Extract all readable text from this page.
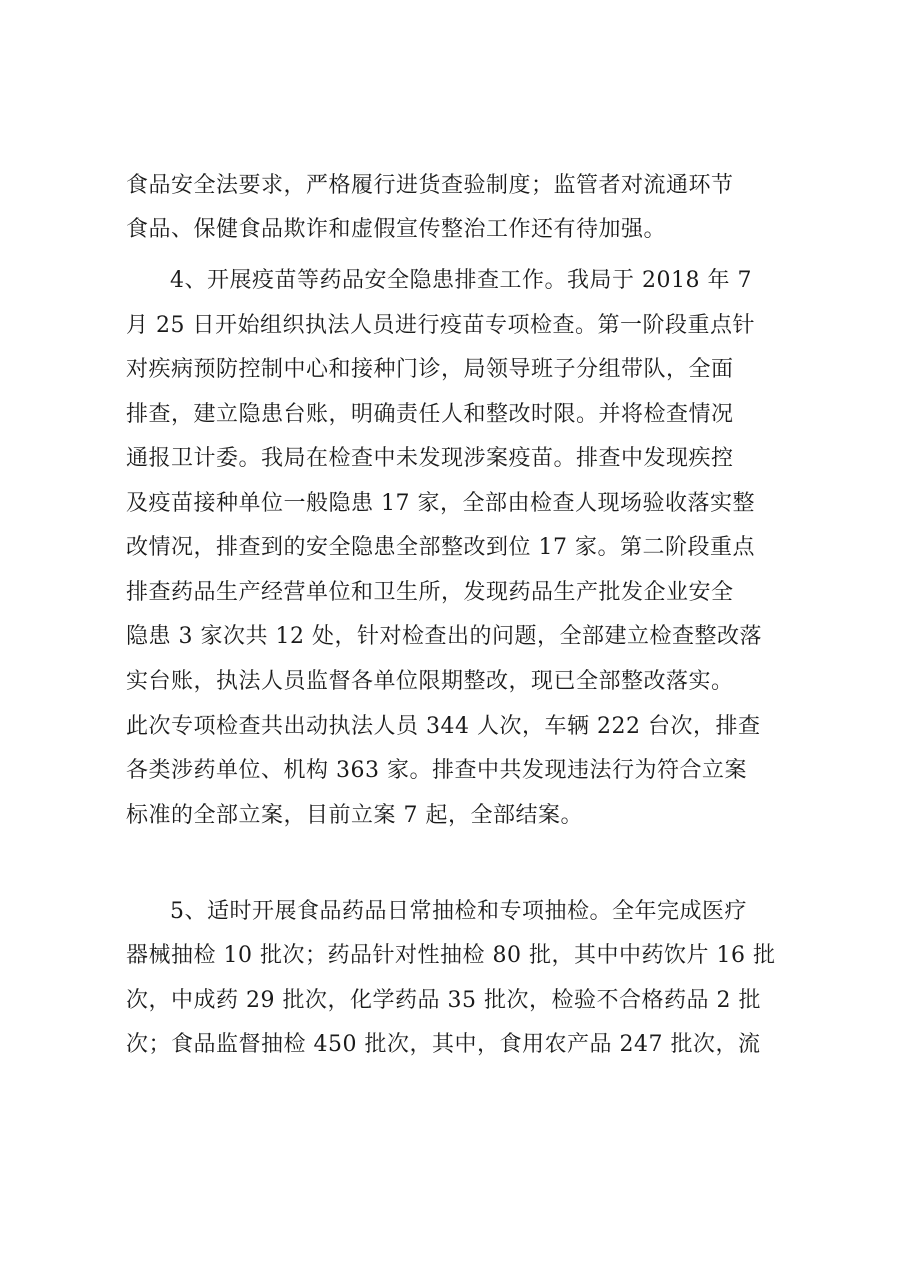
食品安全法要求，严格履行进货查验制度；监管者对流通环节
食品、保健食品欺诈和虚假宣传整治工作还有待加强。
4、开展疫苗等药品安全隐患排查工作。我局于 2018 年 7
月 25 日开始组织执法人员进行疫苗专项检查。第一阶段重点针
对疾病预防控制中心和接种门诊，局领导班子分组带队，全面
排查，建立隐患台账，明确责任人和整改时限。并将检查情况
通报卫计委。我局在检查中未发现涉案疫苗。排查中发现疾控
及疫苗接种单位一般隐患 17 家，全部由检查人现场验收落实整
改情况，排查到的安全隐患全部整改到位 17 家。第二阶段重点
排查药品生产经营单位和卫生所，发现药品生产批发企业安全
隐患 3 家次共 12 处，针对检查出的问题，全部建立检查整改落
实台账，执法人员监督各单位限期整改，现已全部整改落实。
此次专项检查共出动执法人员 344 人次，车辆 222 台次，排查
各类涉药单位、机构 363 家。排查中共发现违法行为符合立案
标准的全部立案，目前立案 7 起，全部结案。
5、适时开展食品药品日常抽检和专项抽检。全年完成医疗
器械抽检 10 批次；药品针对性抽检 80 批，其中中药饮片 16 批
次，中成药 29 批次，化学药品 35 批次，检验不合格药品 2 批
次；食品监督抽检 450 批次，其中，食用农产品 247 批次，流
